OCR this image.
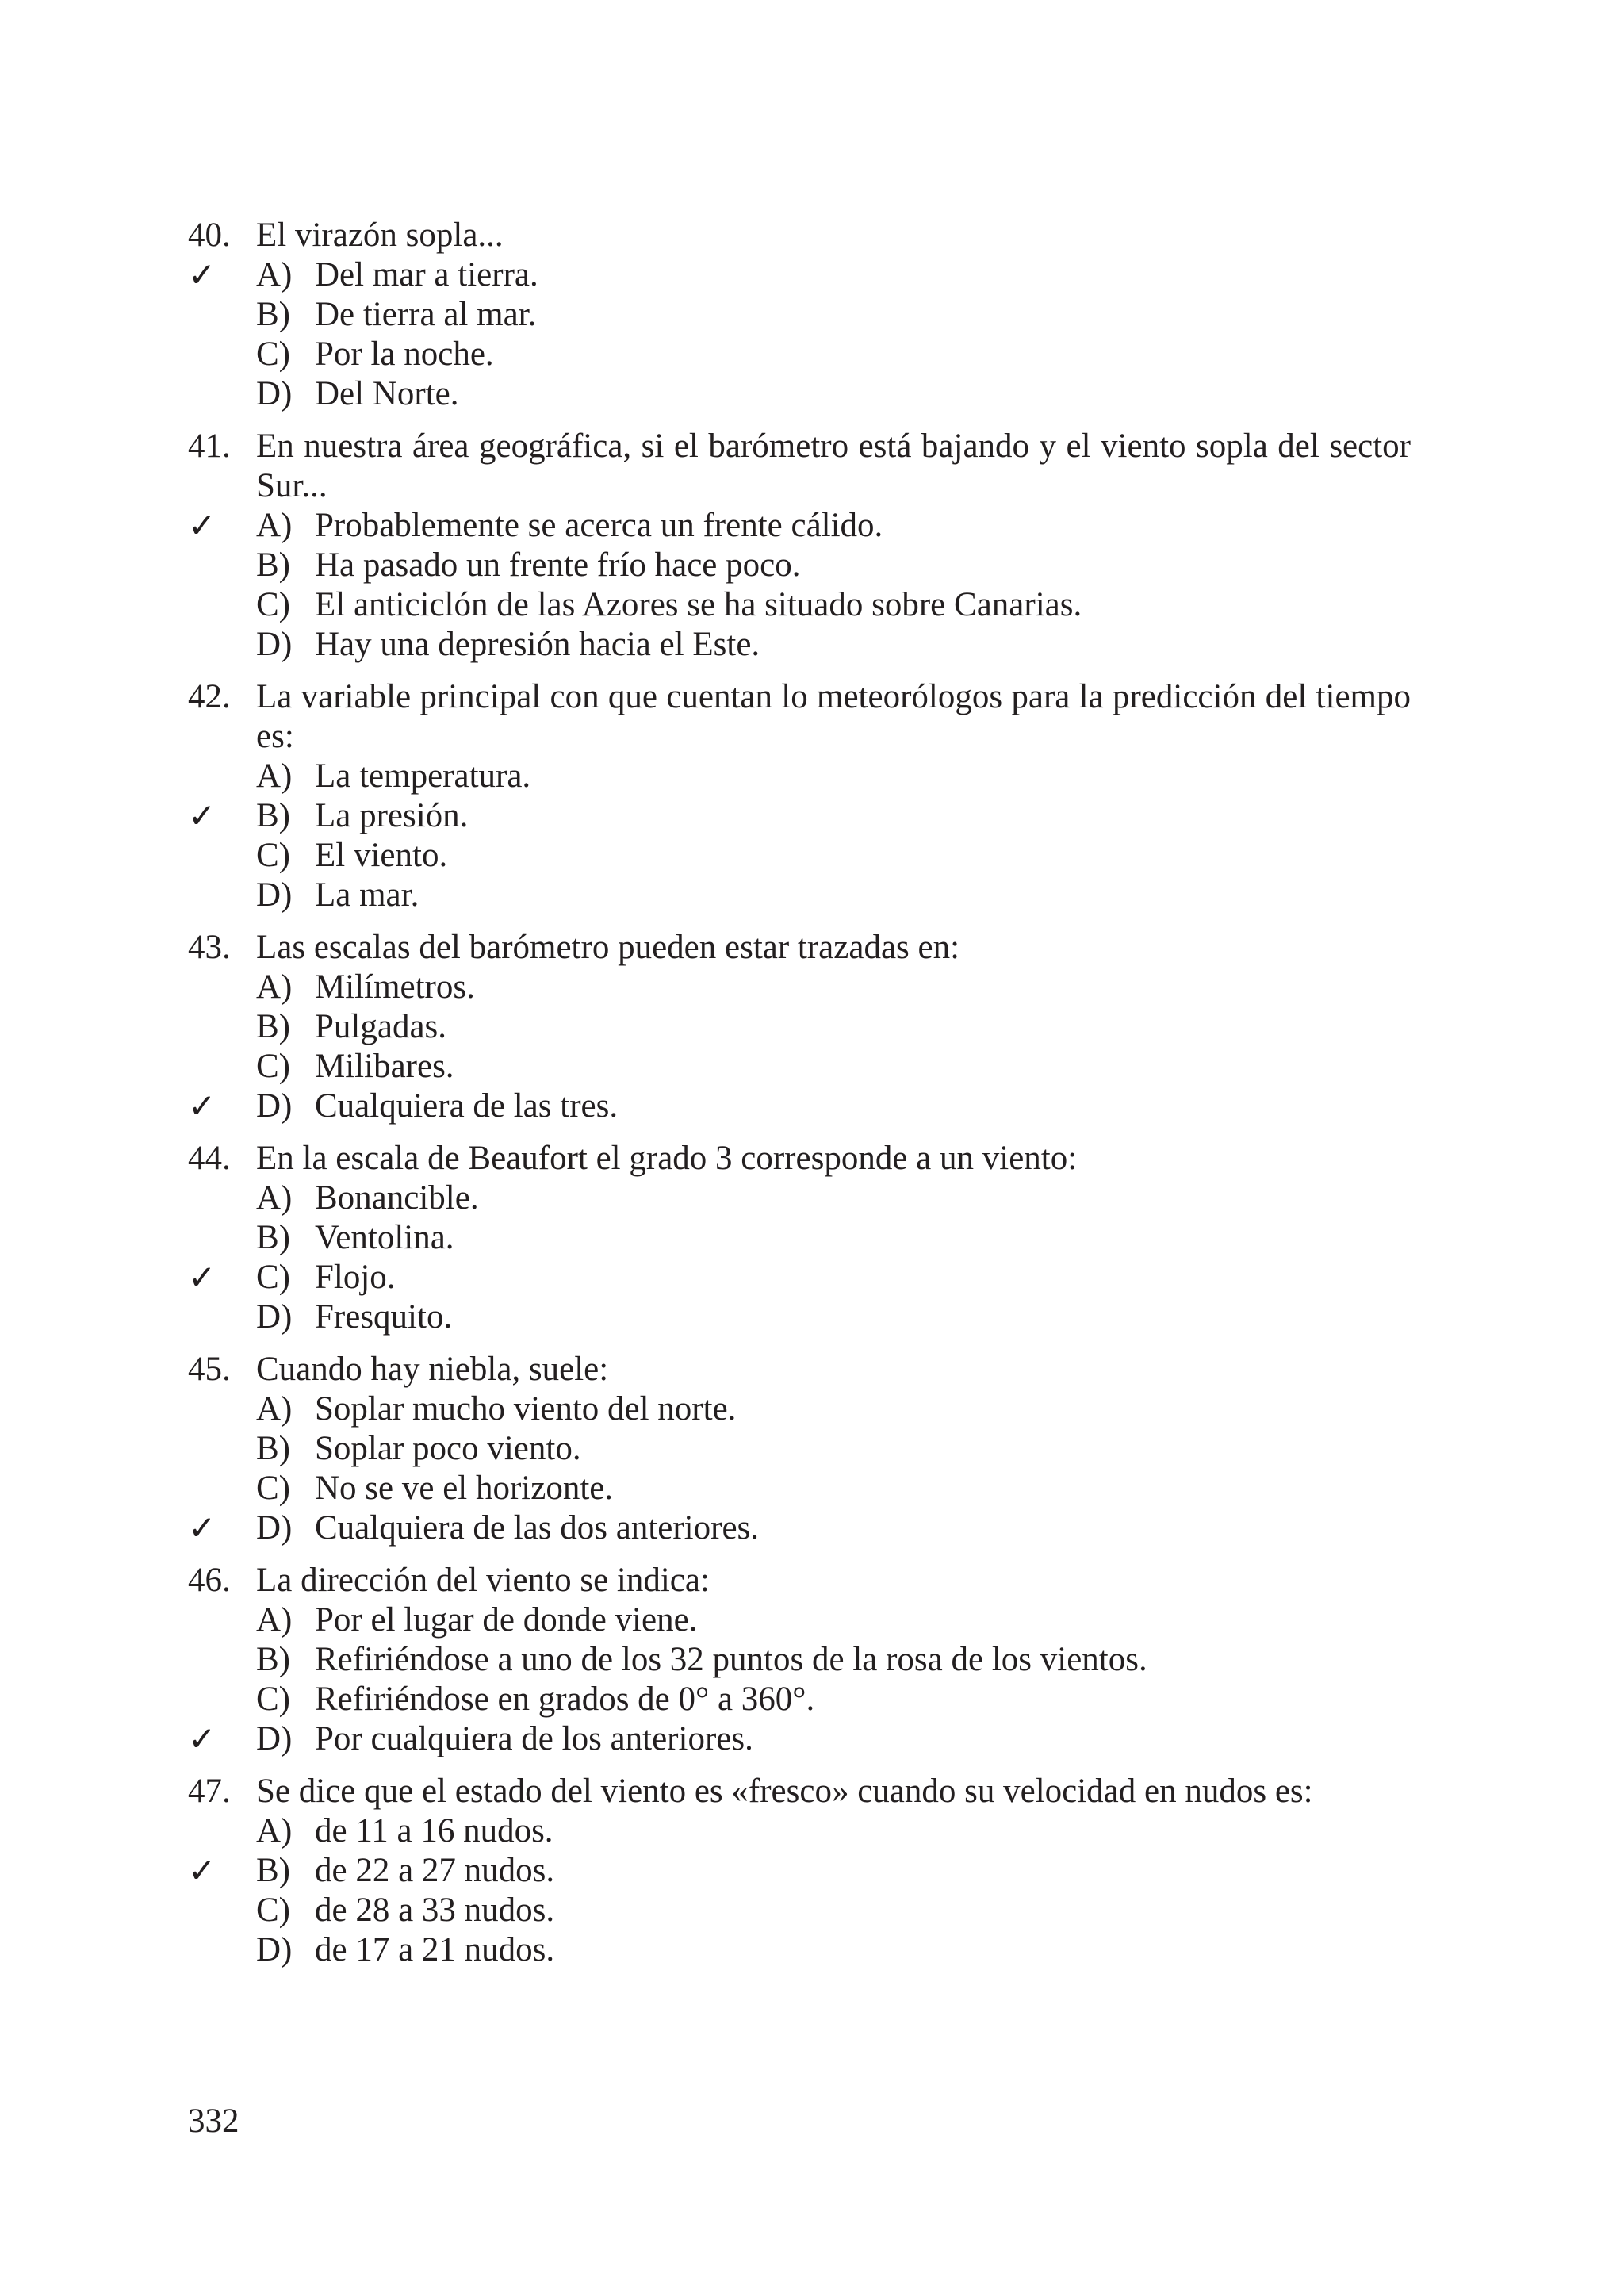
40. El virazón sopla...
✓ A) Del mar a tierra.
B) De tierra al mar.
C) Por la noche.
D) Del Norte.
41. En nuestra área geográfica, si el barómetro está bajando y el viento sopla del sector Sur...
✓ A) Probablemente se acerca un frente cálido.
B) Ha pasado un frente frío hace poco.
C) El anticiclón de las Azores se ha situado sobre Canarias.
D) Hay una depresión hacia el Este.
42. La variable principal con que cuentan lo meteorólogos para la predicción del tiempo es:
A) La temperatura.
✓ B) La presión.
C) El viento.
D) La mar.
43. Las escalas del barómetro pueden estar trazadas en:
A) Milímetros.
B) Pulgadas.
C) Milibares.
✓ D) Cualquiera de las tres.
44. En la escala de Beaufort el grado 3 corresponde a un viento:
A) Bonancible.
B) Ventolina.
✓ C) Flojo.
D) Fresquito.
45. Cuando hay niebla, suele:
A) Soplar mucho viento del norte.
B) Soplar poco viento.
C) No se ve el horizonte.
✓ D) Cualquiera de las dos anteriores.
46. La dirección del viento se indica:
A) Por el lugar de donde viene.
B) Refiriéndose a uno de los 32 puntos de la rosa de los vientos.
C) Refiriéndose en grados de 0° a 360°.
✓ D) Por cualquiera de los anteriores.
47. Se dice que el estado del viento es «fresco» cuando su velocidad en nudos es:
A) de 11 a 16 nudos.
✓ B) de 22 a 27 nudos.
C) de 28 a 33 nudos.
D) de 17 a 21 nudos.
332
